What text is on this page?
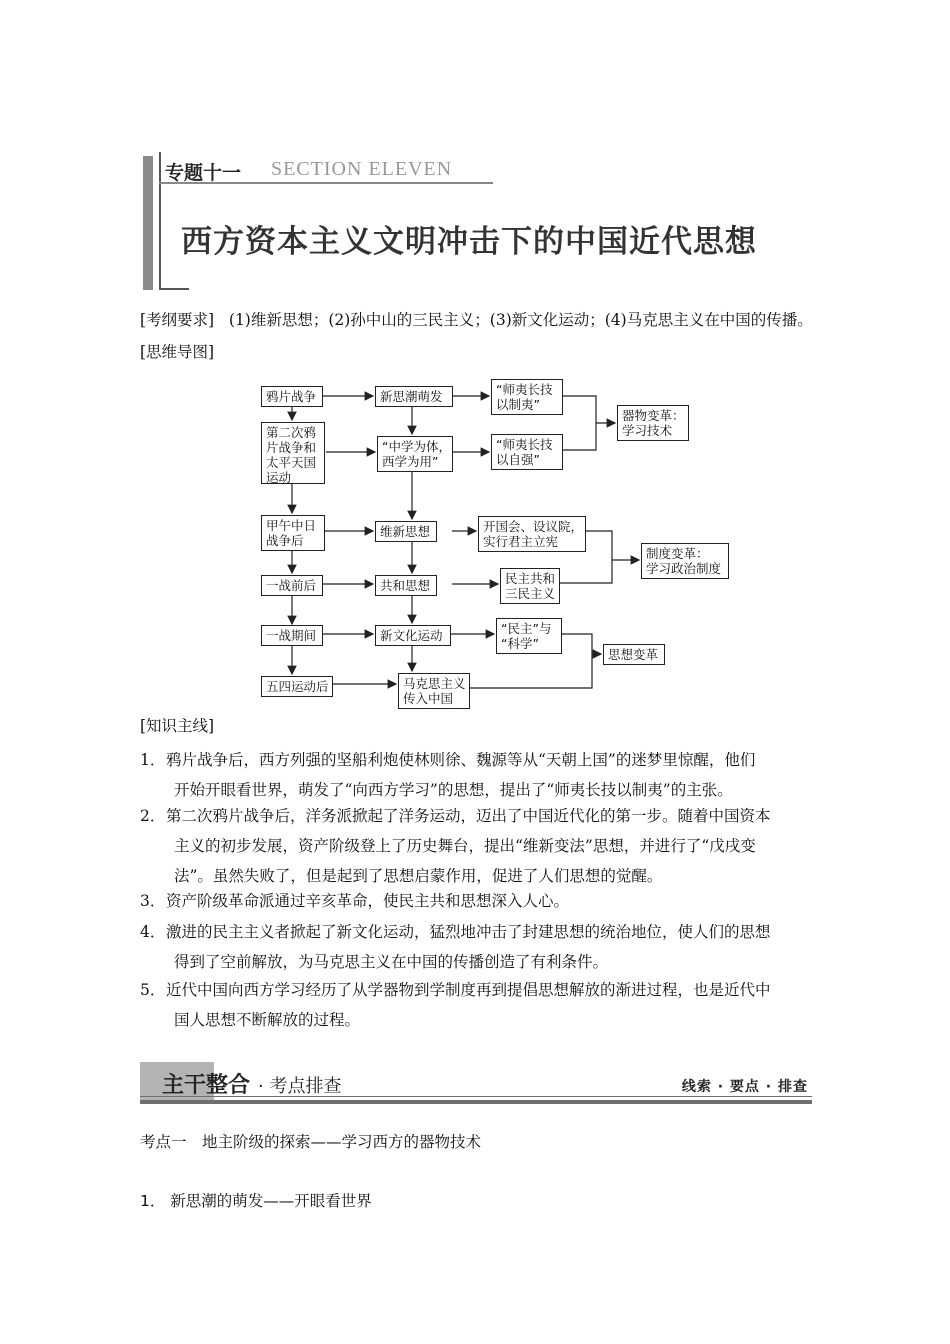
专题十一 SECTION ELEVEN
西方资本主义文明冲击下的中国近代思想
[考纲要求] (1)维新思想；(2)孙中山的三民主义；(3)新文化运动；(4)马克思主义在中国的传播。
[思维导图]
鸦片战争
第二次鸦
片战争和
太平天国
运动
甲午中日
战争后
一战前后
一战期间
五四运动后
新思潮萌发
“中学为体，
西学为用”
维新思想
共和思想
新文化运动
马克思主义
传入中国
“师夷长技
以制夷”
“师夷长技
以自强”
开国会、设议院，
实行君主立宪
民主共和
三民主义
“民主”与
“科学”
器物变革：
学习技术
制度变革：
学习政治制度
思想变革
[知识主线]
1． 鸦片战争后，西方列强的坚船利炮使林则徐、魏源等从“天朝上国”的迷梦里惊醒，他们
开始开眼看世界，萌发了“向西方学习”的思想，提出了“师夷长技以制夷”的主张。
2． 第二次鸦片战争后，洋务派掀起了洋务运动，迈出了中国近代化的第一步。随着中国资本
主义的初步发展，资产阶级登上了历史舞台，提出“维新变法”思想，并进行了“戊戌变
法”。虽然失败了，但是起到了思想启蒙作用，促进了人们思想的觉醒。
3． 资产阶级革命派通过辛亥革命，使民主共和思想深入人心。
4． 激进的民主主义者掀起了新文化运动，猛烈地冲击了封建思想的统治地位，使人们的思想
得到了空前解放，为马克思主义在中国的传播创造了有利条件。
5． 近代中国向西方学习经历了从学器物到学制度再到提倡思想解放的渐进过程，也是近代中
国人思想不断解放的过程。
主干整合 · 考点排查	线索 · 要点 · 排查
考点一　地主阶级的探索——学习西方的器物技术
1． 新思潮的萌发——开眼看世界
